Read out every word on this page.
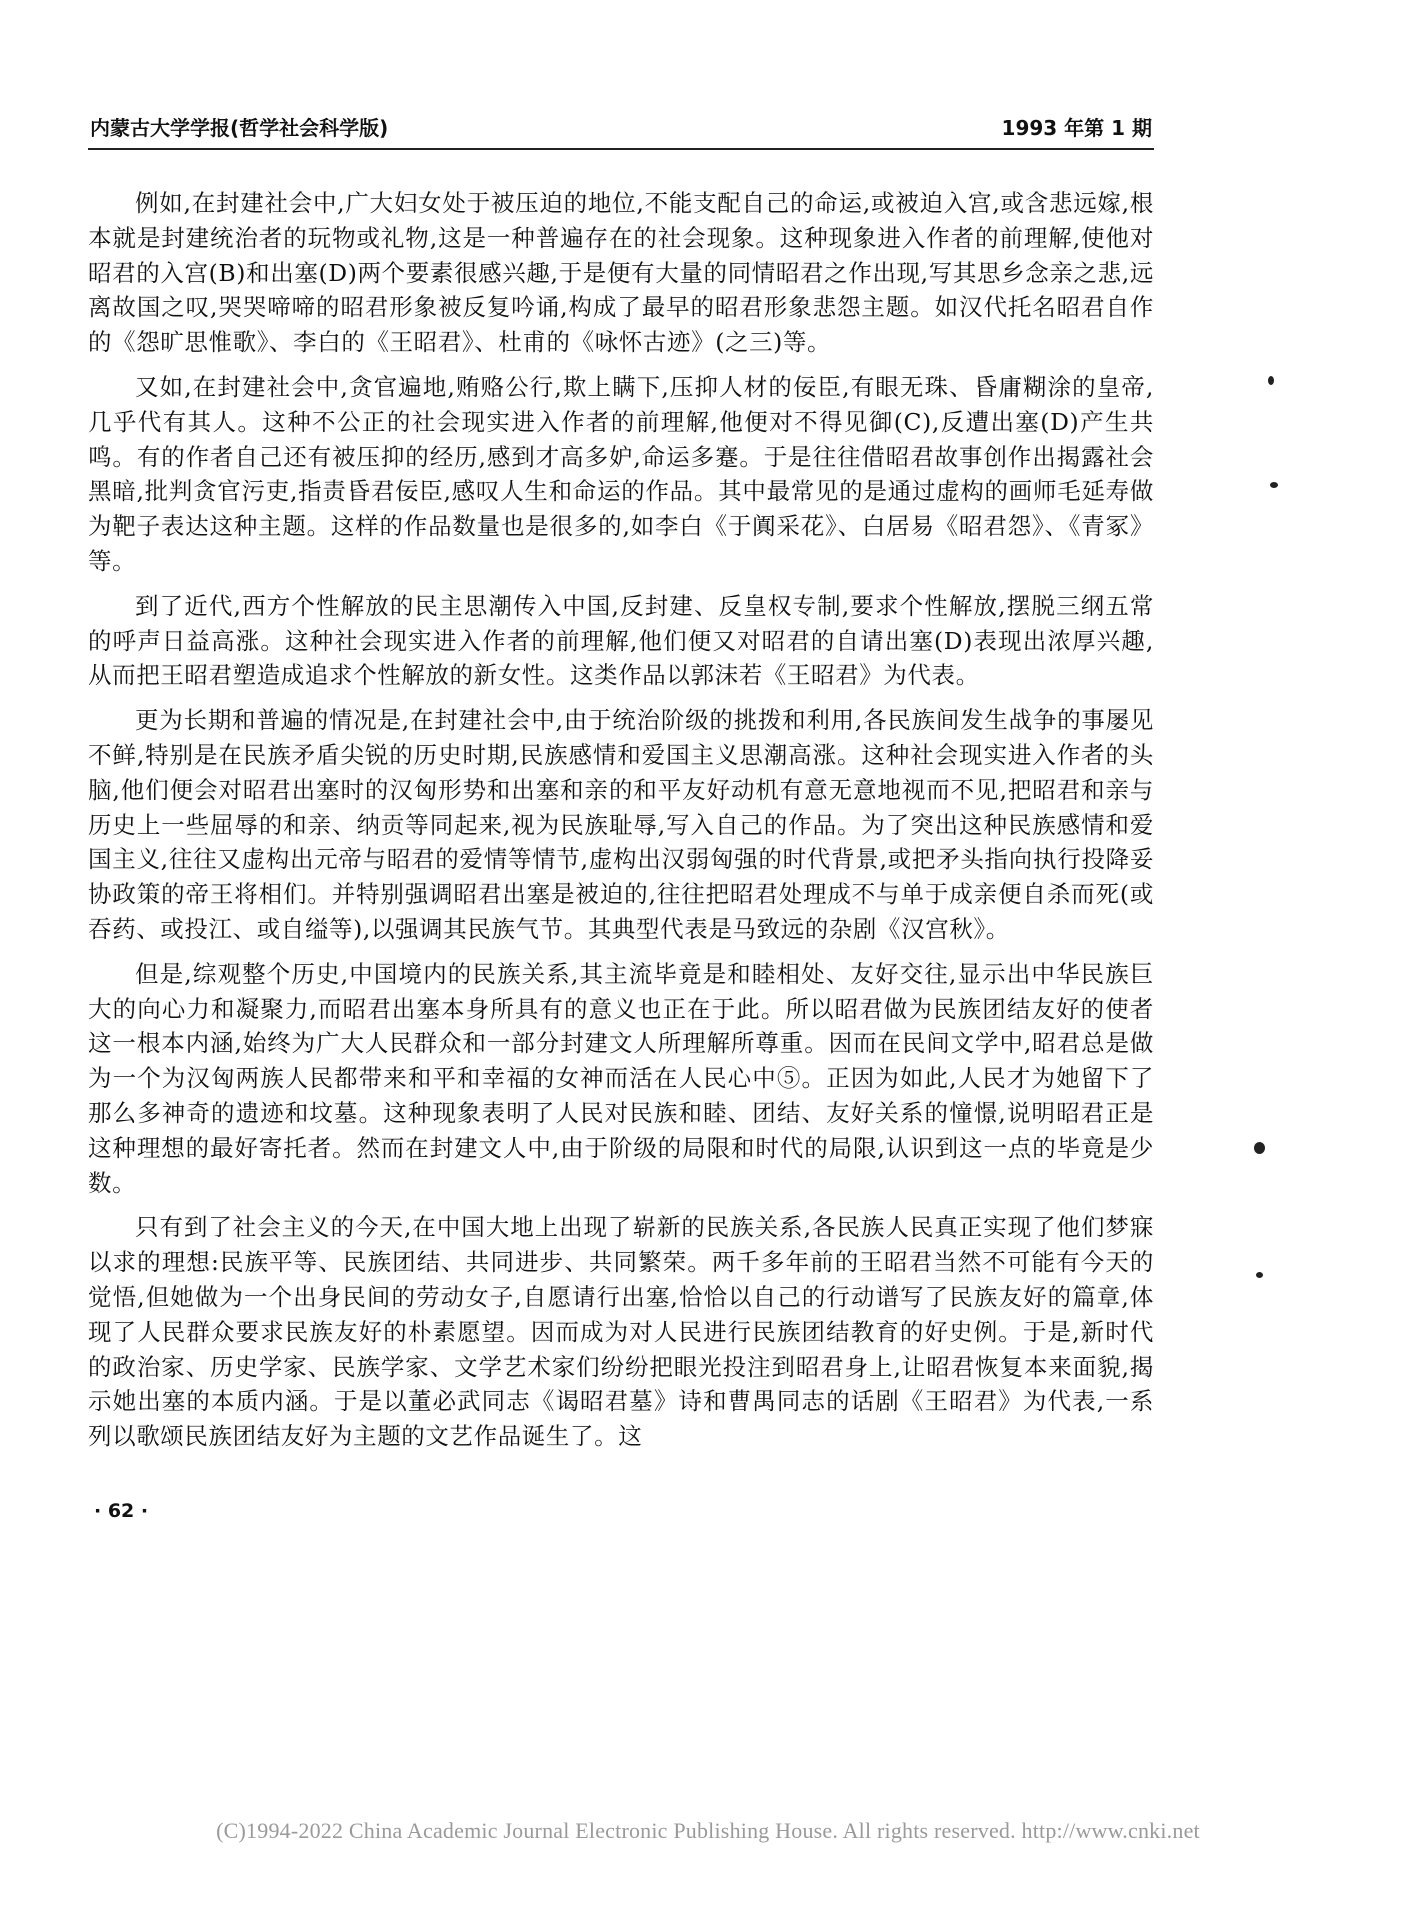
内蒙古大学学报(哲学社会科学版)	1993 年第 1 期

例如,在封建社会中,广大妇女处于被压迫的地位,不能支配自己的命运,或被迫入宫,或含悲远嫁,根本就是封建统治者的玩物或礼物,这是一种普遍存在的社会现象。这种现象进入作者的前理解,使他对昭君的入宫(B)和出塞(D)两个要素很感兴趣,于是便有大量的同情昭君之作出现,写其思乡念亲之悲,远离故国之叹,哭哭啼啼的昭君形象被反复吟诵,构成了最早的昭君形象悲怨主题。如汉代托名昭君自作的《怨旷思惟歌》、李白的《王昭君》、杜甫的《咏怀古迹》(之三)等。

又如,在封建社会中,贪官遍地,贿赂公行,欺上瞒下,压抑人材的佞臣,有眼无珠、昏庸糊涂的皇帝,几乎代有其人。这种不公正的社会现实进入作者的前理解,他便对不得见御(C),反遭出塞(D)产生共鸣。有的作者自己还有被压抑的经历,感到才高多妒,命运多蹇。于是往往借昭君故事创作出揭露社会黑暗,批判贪官污吏,指责昏君佞臣,感叹人生和命运的作品。其中最常见的是通过虚构的画师毛延寿做为靶子表达这种主题。这样的作品数量也是很多的,如李白《于阗采花》、白居易《昭君怨》、《青冢》等。

到了近代,西方个性解放的民主思潮传入中国,反封建、反皇权专制,要求个性解放,摆脱三纲五常的呼声日益高涨。这种社会现实进入作者的前理解,他们便又对昭君的自请出塞(D)表现出浓厚兴趣,从而把王昭君塑造成追求个性解放的新女性。这类作品以郭沫若《王昭君》为代表。

更为长期和普遍的情况是,在封建社会中,由于统治阶级的挑拨和利用,各民族间发生战争的事屡见不鲜,特别是在民族矛盾尖锐的历史时期,民族感情和爱国主义思潮高涨。这种社会现实进入作者的头脑,他们便会对昭君出塞时的汉匈形势和出塞和亲的和平友好动机有意无意地视而不见,把昭君和亲与历史上一些屈辱的和亲、纳贡等同起来,视为民族耻辱,写入自己的作品。为了突出这种民族感情和爱国主义,往往又虚构出元帝与昭君的爱情等情节,虚构出汉弱匈强的时代背景,或把矛头指向执行投降妥协政策的帝王将相们。并特别强调昭君出塞是被迫的,往往把昭君处理成不与单于成亲便自杀而死(或吞药、或投江、或自缢等),以强调其民族气节。其典型代表是马致远的杂剧《汉宫秋》。

但是,综观整个历史,中国境内的民族关系,其主流毕竟是和睦相处、友好交往,显示出中华民族巨大的向心力和凝聚力,而昭君出塞本身所具有的意义也正在于此。所以昭君做为民族团结友好的使者这一根本内涵,始终为广大人民群众和一部分封建文人所理解所尊重。因而在民间文学中,昭君总是做为一个为汉匈两族人民都带来和平和幸福的女神而活在人民心中⑤。正因为如此,人民才为她留下了那么多神奇的遗迹和坟墓。这种现象表明了人民对民族和睦、团结、友好关系的憧憬,说明昭君正是这种理想的最好寄托者。然而在封建文人中,由于阶级的局限和时代的局限,认识到这一点的毕竟是少数。

只有到了社会主义的今天,在中国大地上出现了崭新的民族关系,各民族人民真正实现了他们梦寐以求的理想:民族平等、民族团结、共同进步、共同繁荣。两千多年前的王昭君当然不可能有今天的觉悟,但她做为一个出身民间的劳动女子,自愿请行出塞,恰恰以自己的行动谱写了民族友好的篇章,体现了人民群众要求民族友好的朴素愿望。因而成为对人民进行民族团结教育的好史例。于是,新时代的政治家、历史学家、民族学家、文学艺术家们纷纷把眼光投注到昭君身上,让昭君恢复本来面貌,揭示她出塞的本质内涵。于是以董必武同志《谒昭君墓》诗和曹禺同志的话剧《王昭君》为代表,一系列以歌颂民族团结友好为主题的文艺作品诞生了。这

· 62 ·
(C)1994-2022 China Academic Journal Electronic Publishing House. All rights reserved. http://www.cnki.net
